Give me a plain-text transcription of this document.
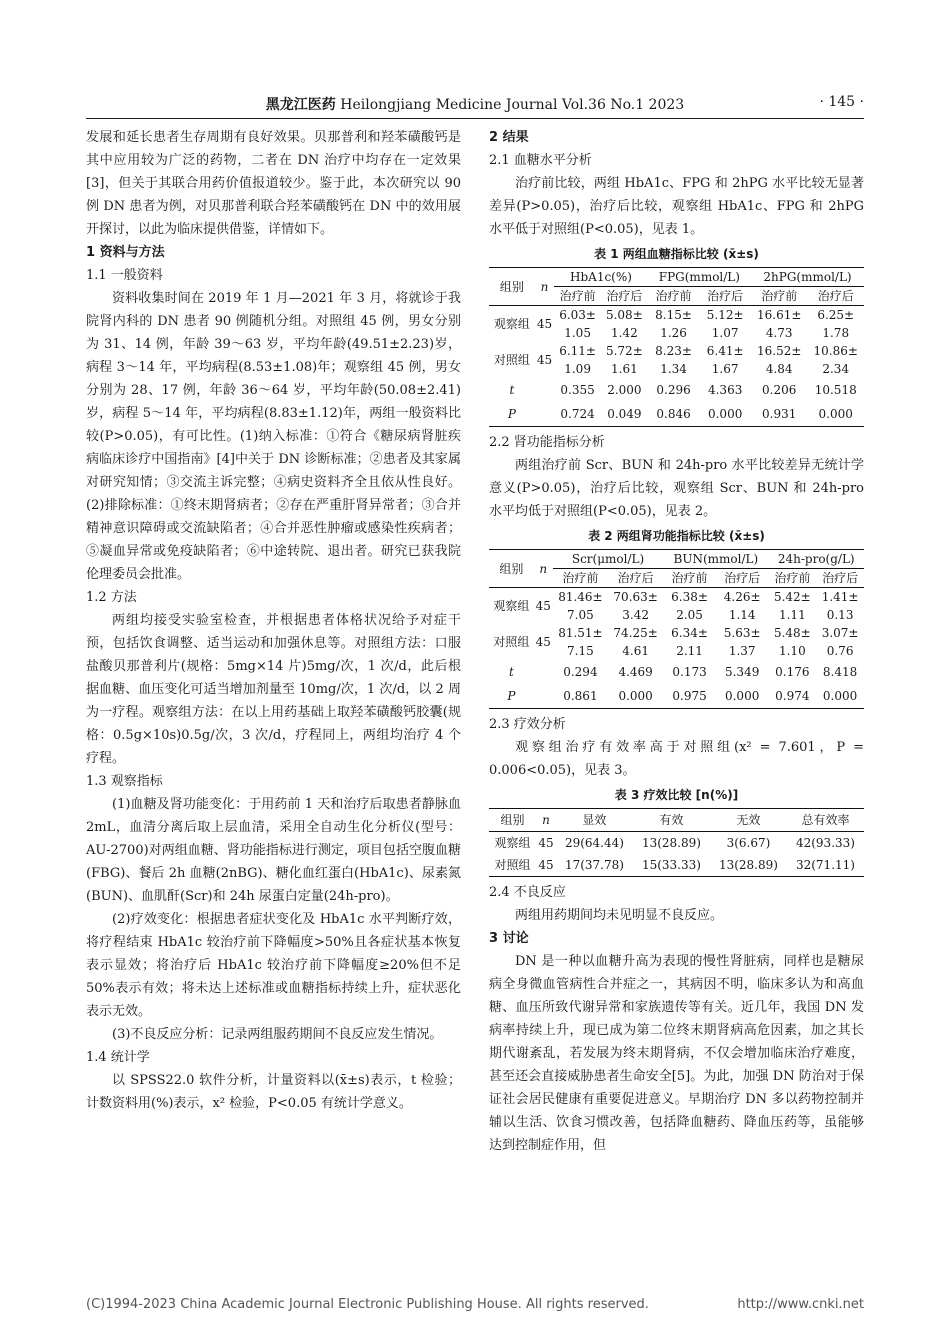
黑龙江医药 Heilongjiang Medicine Journal Vol.36 No.1 2023	· 145 ·

发展和延长患者生存周期有良好效果。贝那普利和羟苯磺酸钙是其中应用较为广泛的药物，二者在 DN 治疗中均存在一定效果[3]，但关于其联合用药价值报道较少。鉴于此，本次研究以 90 例 DN 患者为例，对贝那普利联合羟苯磺酸钙在 DN 中的效用展开探讨，以此为临床提供借鉴，详情如下。

1 资料与方法

1.1 一般资料

资料收集时间在 2019 年 1 月—2021 年 3 月，将就诊于我院肾内科的 DN 患者 90 例随机分组。对照组 45 例，男女分别为 31、14 例，年龄 39～63 岁，平均年龄(49.51±2.23)岁，病程 3～14 年，平均病程(8.53±1.08)年；观察组 45 例，男女分别为 28、17 例，年龄 36～64 岁，平均年龄(50.08±2.41)岁，病程 5～14 年，平均病程(8.83±1.12)年，两组一般资料比较(P>0.05)，有可比性。(1)纳入标准：①符合《糖尿病肾脏疾病临床诊疗中国指南》[4]中关于 DN 诊断标准；②患者及其家属对研究知情；③交流主诉完整；④病史资料齐全且依从性良好。(2)排除标准：①终末期肾病者；②存在严重肝肾异常者；③合并精神意识障碍或交流缺陷者；④合并恶性肿瘤或感染性疾病者；⑤凝血异常或免疫缺陷者；⑥中途转院、退出者。研究已获我院伦理委员会批准。

1.2 方法

两组均接受实验室检查，并根据患者体格状况给予对症干预，包括饮食调整、适当运动和加强休息等。对照组方法：口服盐酸贝那普利片(规格：5mg×14 片)5mg/次，1 次/d，此后根据血糖、血压变化可适当增加剂量至 10mg/次，1 次/d，以 2 周为一疗程。观察组方法：在以上用药基础上取羟苯磺酸钙胶囊(规格：0.5g×10s)0.5g/次，3 次/d，疗程同上，两组均治疗 4 个疗程。

1.3 观察指标

(1)血糖及肾功能变化：于用药前 1 天和治疗后取患者静脉血 2mL，血清分离后取上层血清，采用全自动生化分析仪(型号：AU-2700)对两组血糖、肾功能指标进行测定，项目包括空腹血糖(FBG)、餐后 2h 血糖(2nBG)、糖化血红蛋白(HbA1c)、尿素氮(BUN)、血肌酐(Scr)和 24h 尿蛋白定量(24h-pro)。

(2)疗效变化：根据患者症状变化及 HbA1c 水平判断疗效，将疗程结束 HbA1c 较治疗前下降幅度>50%且各症状基本恢复表示显效；将治疗后 HbA1c 较治疗前下降幅度≥20%但不足 50%表示有效；将未达上述标准或血糖指标持续上升，症状恶化表示无效。

(3)不良反应分析：记录两组服药期间不良反应发生情况。

1.4 统计学

以 SPSS22.0 软件分析，计量资料以(x̄±s)表示，t 检验；计数资料用(%)表示，x² 检验，P<0.05 有统计学意义。

2 结果

2.1 血糖水平分析

治疗前比较，两组 HbA1c、FPG 和 2hPG 水平比较无显著差异(P>0.05)，治疗后比较，观察组 HbA1c、FPG 和 2hPG 水平低于对照组(P<0.05)，见表 1。

表 1 两组血糖指标比较 (x̄±s)
组别	n	HbA1c(%)		FPG(mmol/L)		2hPG(mmol/L)	
		治疗前	治疗后	治疗前	治疗后	治疗前	治疗后
观察组	45	6.03±	5.08±	8.15±	5.12±	16.61±	6.25±
		1.05	1.42	1.26	1.07	4.73	1.78
对照组	45	6.11±	5.72±	8.23±	6.41±	16.52±	10.86±
		1.09	1.61	1.34	1.67	4.84	2.34
t		0.355	2.000	0.296	4.363	0.206	10.518
P		0.724	0.049	0.846	0.000	0.931	0.000

2.2 肾功能指标分析

两组治疗前 Scr、BUN 和 24h-pro 水平比较差异无统计学意义(P>0.05)，治疗后比较，观察组 Scr、BUN 和 24h-pro 水平均低于对照组(P<0.05)，见表 2。

表 2 两组肾功能指标比较 (x̄±s)
组别	n	Scr(μmol/L)		BUN(mmol/L)		24h-pro(g/L)	
		治疗前	治疗后	治疗前	治疗后	治疗前	治疗后
观察组	45	81.46±	70.63±	6.38±	4.26±	5.42±	1.41±
		7.05	3.42	2.05	1.14	1.11	0.13
对照组	45	81.51±	74.25±	6.34±	5.63±	5.48±	3.07±
		7.15	4.61	2.11	1.37	1.10	0.76
t		0.294	4.469	0.173	5.349	0.176	8.418
P		0.861	0.000	0.975	0.000	0.974	0.000

2.3 疗效分析

观察组治疗有效率高于对照组(x² = 7.601，P = 0.006<0.05)，见表 3。

表 3 疗效比较 [n(%)]
组别	n	显效	有效	无效	总有效率
观察组	45	29(64.44)	13(28.89)	3(6.67)	42(93.33)
对照组	45	17(37.78)	15(33.33)	13(28.89)	32(71.11)

2.4 不良反应

两组用药期间均未见明显不良反应。

3 讨论

DN 是一种以血糖升高为表现的慢性肾脏病，同样也是糖尿病全身微血管病性合并症之一，其病因不明，临床多认为和高血糖、血压所致代谢异常和家族遗传等有关。近几年，我国 DN 发病率持续上升，现已成为第二位终末期肾病高危因素，加之其长期代谢紊乱，若发展为终末期肾病，不仅会增加临床治疗难度，甚至还会直接威胁患者生命安全[5]。为此，加强 DN 防治对于保证社会居民健康有重要促进意义。早期治疗 DN 多以药物控制并辅以生活、饮食习惯改善，包括降血糖药、降血压药等，虽能够达到控制症作用，但

(C)1994-2023 China Academic Journal Electronic Publishing House. All rights reserved.	http://www.cnki.net
